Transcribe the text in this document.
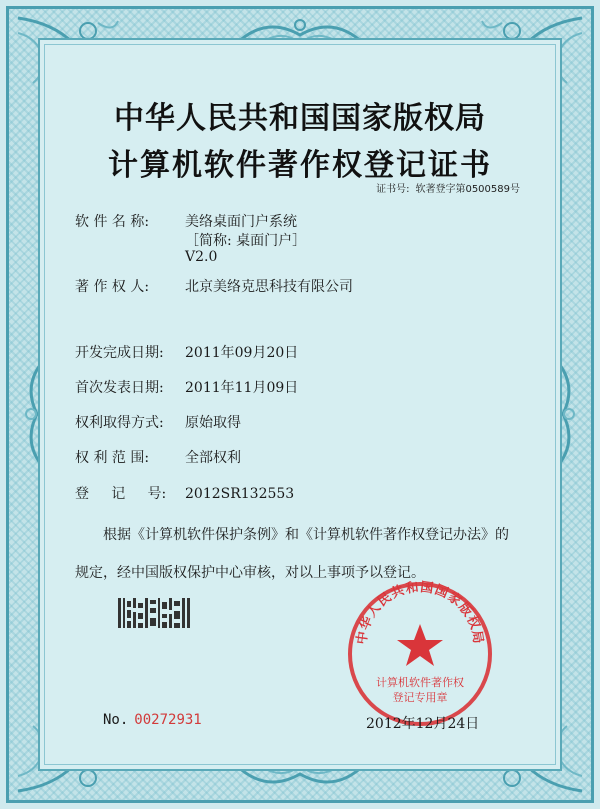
中华人民共和国国家版权局
计算机软件著作权登记证书
证书号: 软著登字第0500589号
软 件 名 称:	美络桌面门户系统
［简称: 桌面门户］
V2.0
著 作 权 人:	北京美络克思科技有限公司
开发完成日期: 2011年09月20日
首次发表日期: 2011年11月09日
权利取得方式: 原始取得
权 利 范 围:	全部权利
登     记     号: 2012SR132553
根据《计算机软件保护条例》和《计算机软件著作权登记办法》的
规定，经中国版权保护中心审核，对以上事项予以登记。
No. 00272931
中华人民共和国国家版权局
计算机软件著作权
登记专用章
2012年12月24日
